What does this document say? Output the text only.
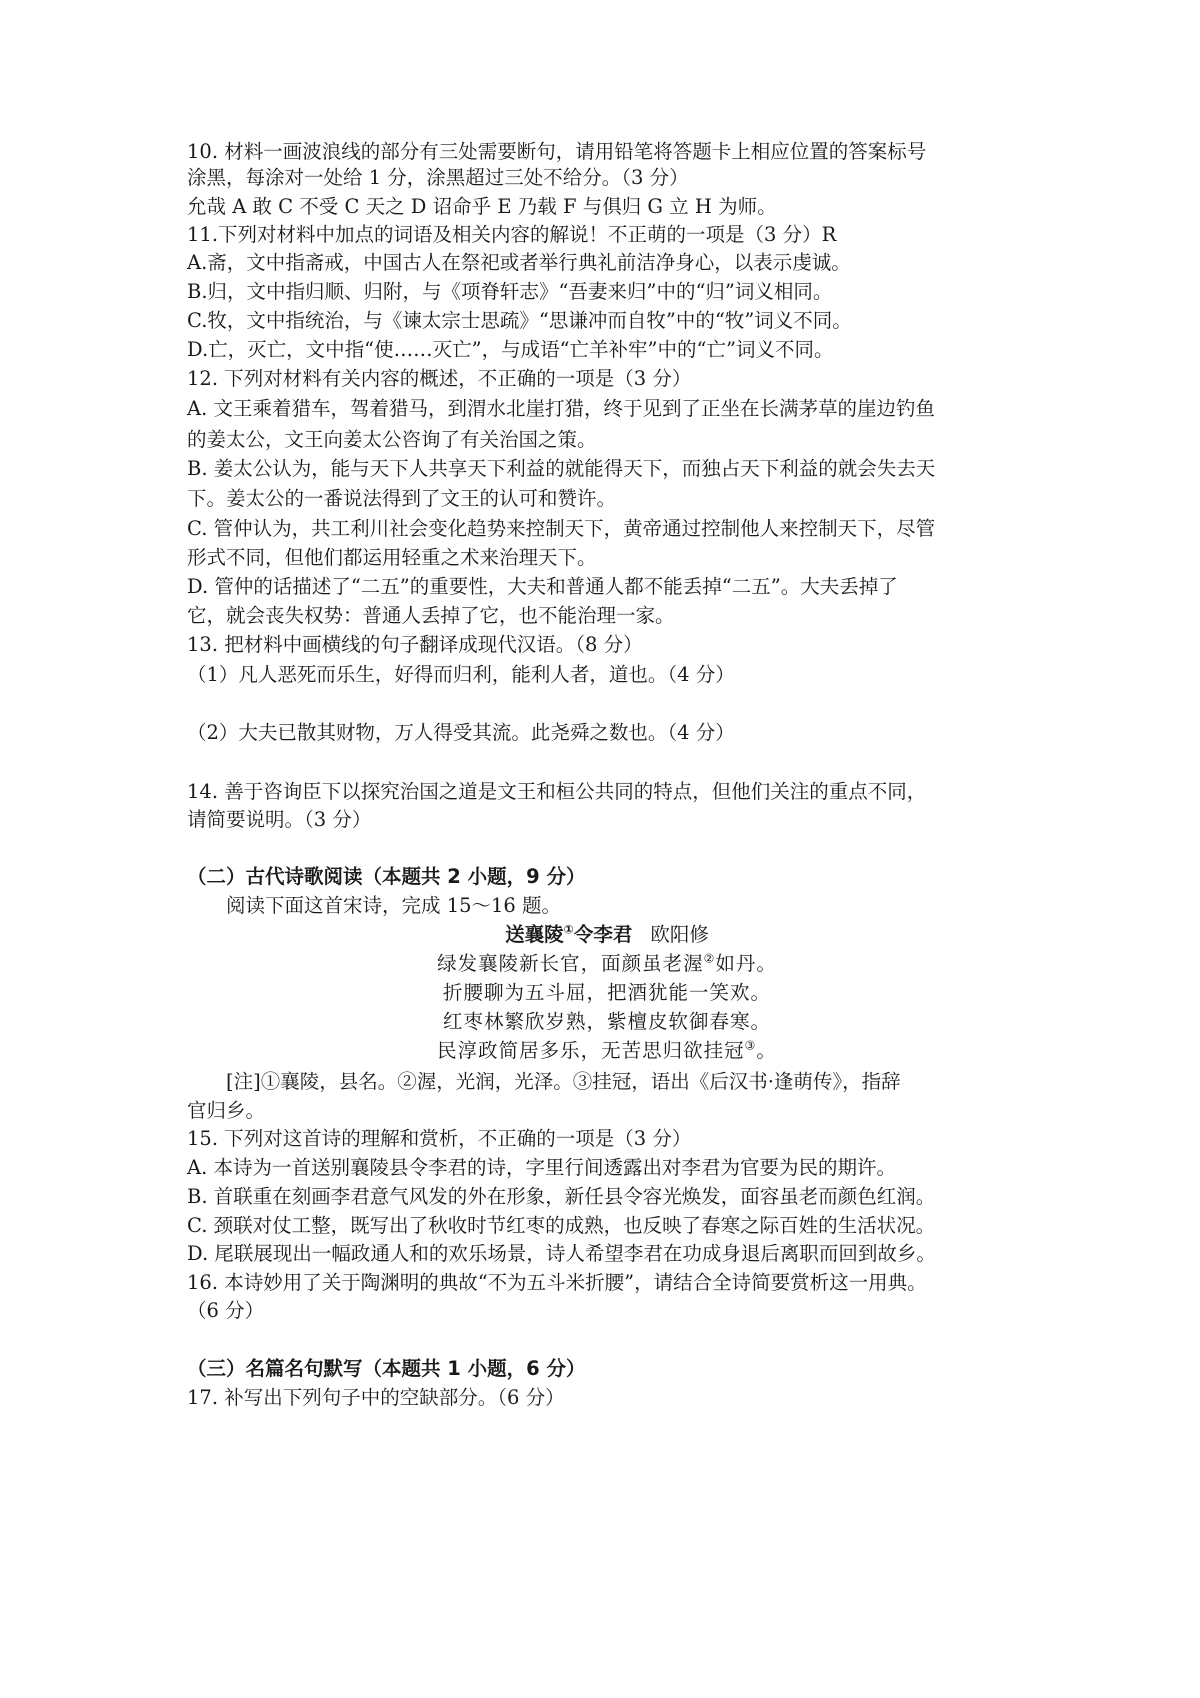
10. 材料一画波浪线的部分有三处需要断句，请用铅笔将答题卡上相应位置的答案标号
涂黑，每涂对一处给 1 分，涂黑超过三处不给分。（3 分）
允哉 A 敢 C 不受 C 天之 D 诏命乎 E 乃载 F 与俱归 G 立 H 为师。
11.下列对材料中加点的词语及相关内容的解说！不正萌的一项是（3 分）R
A.斋，文中指斋戒，中国古人在祭祀或者举行典礼前洁净身心，以表示虔诚。
B.归，文中指归顺、归附，与《项脊轩志》“吾妻来归”中的“归”词义相同。
C.牧，文中指统治，与《谏太宗士思疏》“思谦冲而自牧”中的“牧”词义不同。
D.亡，灭亡，文中指“使……灭亡”，与成语“亡羊补牢”中的“亡”词义不同。
12. 下列对材料有关内容的概述，不正确的一项是（3 分）
A. 文王乘着猎车，驾着猎马，到渭水北崖打猎，终于见到了正坐在长满茅草的崖边钓鱼
的姜太公，文王向姜太公咨询了有关治国之策。
B. 姜太公认为，能与天下人共享天下利益的就能得天下，而独占天下利益的就会失去天
下。姜太公的一番说法得到了文王的认可和赞许。
C. 管仲认为，共工利川社会变化趋势来控制天下，黄帝通过控制他人来控制天下，尽管
形式不同，但他们都运用轻重之术来治理天下。
D. 管仲的话描述了“二五”的重要性，大夫和普通人都不能丢掉“二五”。大夫丢掉了
它，就会丧失权势：普通人丢掉了它，也不能治理一家。
13. 把材料中画横线的句子翻译成现代汉语。（8 分）
（1）凡人恶死而乐生，好得而归利，能利人者，道也。（4 分）
（2）大夫已散其财物，万人得受其流。此尧舜之数也。（4 分）
14. 善于咨询臣下以探究治国之道是文王和桓公共同的特点，但他们关注的重点不同，
请简要说明。（3 分）
（二）古代诗歌阅读（本题共 2 小题，9 分）
阅读下面这首宋诗，完成 15～16 题。
送襄陵①令李君 欧阳修
绿发襄陵新长官，面颜虽老渥②如丹。
折腰聊为五斗屈，把酒犹能一笑欢。
红枣林繁欣岁熟，紫檀皮软御春寒。
民淳政简居多乐，无苦思归欲挂冠③。
[注]①襄陵，县名。②渥，光润，光泽。③挂冠，语出《后汉书·逢萌传》，指辞
官归乡。
15. 下列对这首诗的理解和赏析，不正确的一项是（3 分）
A. 本诗为一首送别襄陵县令李君的诗，字里行间透露出对李君为官要为民的期许。
B. 首联重在刻画李君意气风发的外在形象，新任县令容光焕发，面容虽老而颜色红润。
C. 颈联对仗工整，既写出了秋收时节红枣的成熟，也反映了春寒之际百姓的生活状况。
D. 尾联展现出一幅政通人和的欢乐场景，诗人希望李君在功成身退后离职而回到故乡。
16. 本诗妙用了关于陶渊明的典故“不为五斗米折腰”，请结合全诗简要赏析这一用典。
（6 分）
（三）名篇名句默写（本题共 1 小题，6 分）
17. 补写出下列句子中的空缺部分。（6 分）
